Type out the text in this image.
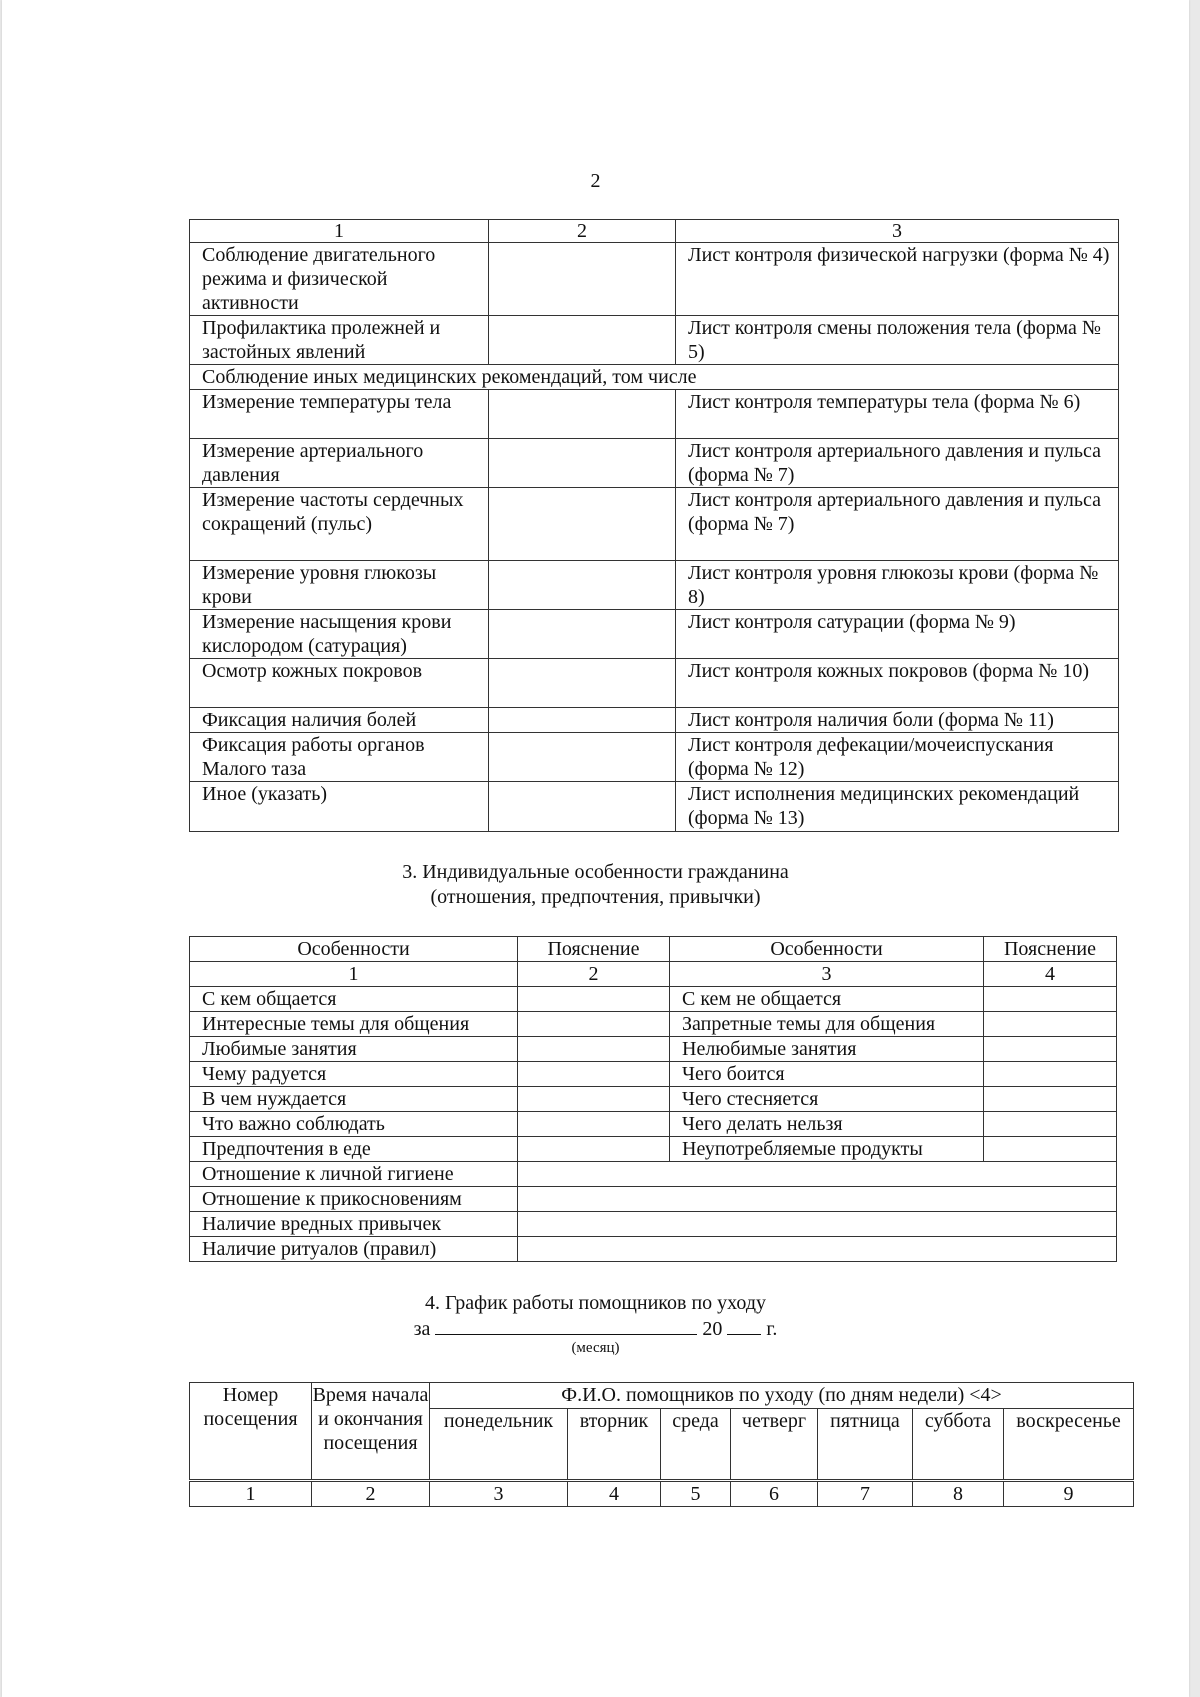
2
1	2	3
Соблюдение двигательного режима и физической активности		Лист контроля физической нагрузки (форма № 4)
Профилактика пролежней и застойных явлений		Лист контроля смены положения тела (форма № 5)
Соблюдение иных медицинских рекомендаций, том числе		
Измерение температуры тела		Лист контроля температуры тела (форма № 6)
Измерение артериального давления		Лист контроля артериального давления и пульса (форма № 7)
Измерение частоты сердечных сокращений (пульс)		Лист контроля артериального давления и пульса (форма № 7)
Измерение уровня глюкозы крови		Лист контроля уровня глюкозы крови (форма № 8)
Измерение насыщения крови кислородом (сатурация)		Лист контроля сатурации (форма № 9)
Осмотр кожных покровов		Лист контроля кожных покровов (форма № 10)
Фиксация наличия болей		Лист контроля наличия боли (форма № 11)
Фиксация работы органов Малого таза		Лист контроля дефекации/мочеиспускания (форма № 12)
Иное (указать)		Лист исполнения медицинских рекомендаций (форма № 13)
3. Индивидуальные особенности гражданина
(отношения, предпочтения, привычки)
Особенности	Пояснение	Особенности	Пояснение
1	2	3	4
С кем общается		С кем не общается	
Интересные темы для общения		Запретные темы для общения	
Любимые занятия		Нелюбимые занятия	
Чему радуется		Чего боится	
В чем нуждается		Чего стесняется	
Что важно соблюдать		Чего делать нельзя	
Предпочтения в еде		Неупотребляемые продукты	
Отношение к личной гигиене			
Отношение к прикосновениям			
Наличие вредных привычек			
Наличие ритуалов (правил)			
4. График работы помощников по уходу
за	20 г.
(месяц)
Номер посещения	Время начала и окончания посещения	Ф.И.О. помощников по уходу (по дням недели) <4>						
		понедельник	вторник	среда	четверг	пятница	суббота	воскресенье
1	2	3	4	5	6	7	8	9
